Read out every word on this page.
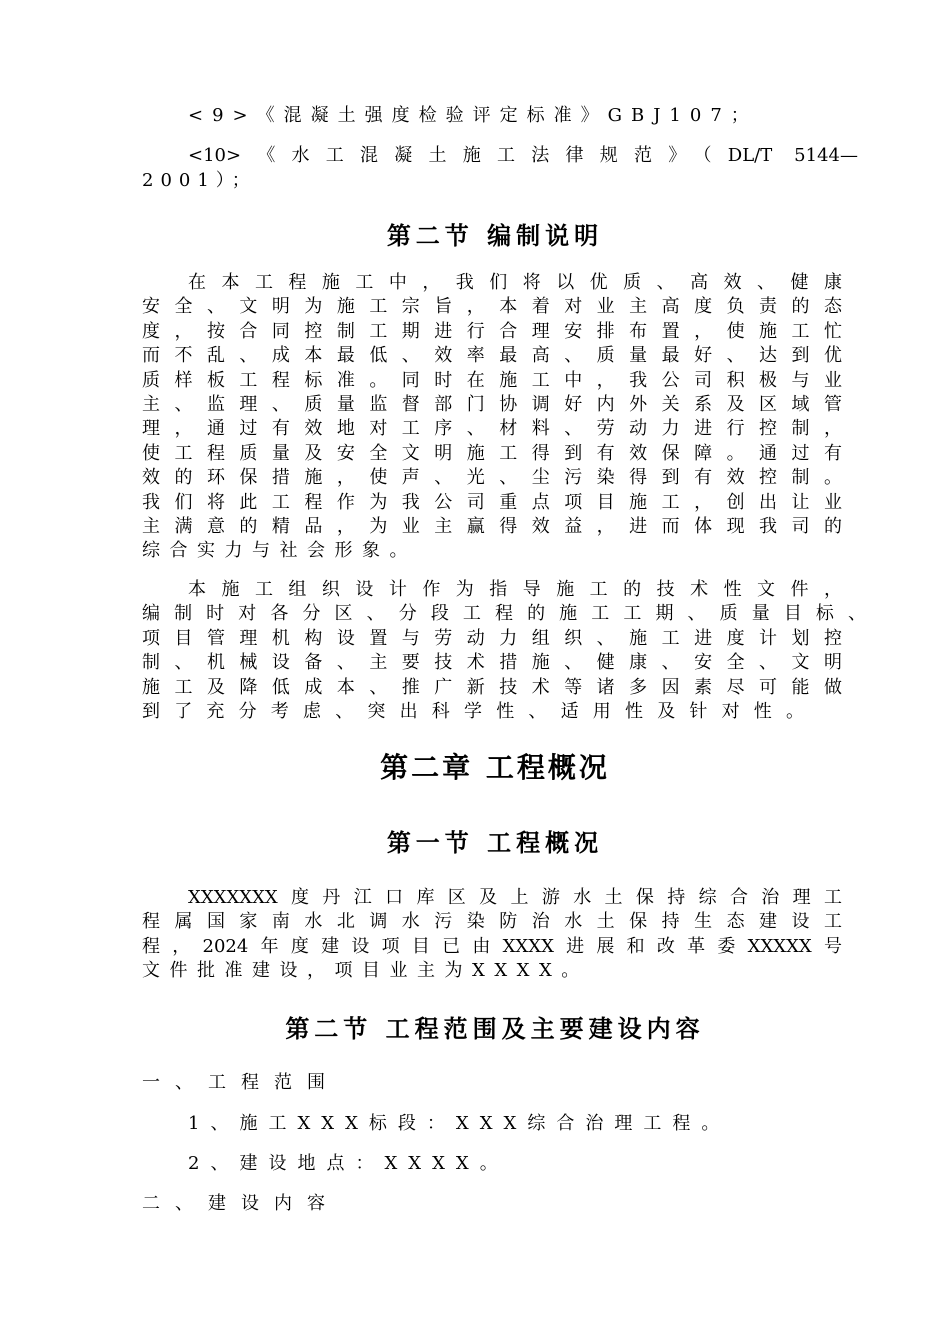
<9>《混凝土强度检验评定标准》GBJ107；
<10>《水工混凝土施工法律规范》（DL/T 5144—
2001）；
第二节 编制说明
在本工程施工中，我们将以优质、高效、健康
安全、文明为施工宗旨，本着对业主高度负责的态
度，按合同控制工期进行合理安排布置，使施工忙
而不乱、成本最低、效率最高、质量最好、达到优
质样板工程标准。同时在施工中，我公司积极与业
主、监理、质量监督部门协调好内外关系及区域管
理，通过有效地对工序、材料、劳动力进行控制，
使工程质量及安全文明施工得到有效保障。通过有
效的环保措施，使声、光、尘污染得到有效控制。
我们将此工程作为我公司重点项目施工，创出让业
主满意的精品，为业主赢得效益，进而体现我司的
综合实力与社会形象。
本施工组织设计作为指导施工的技术性文件，
编制时对各分区、分段工程的施工工期、质量目标、
项目管理机构设置与劳动力组织、施工进度计划控
制、机械设备、主要技术措施、健康、安全、文明
施工及降低成本、推广新技术等诸多因素尽可能做
到了充分考虑、突出科学性、适用性及针对性。
第二章 工程概况
第一节 工程概况
XXXXXXX度丹江口库区及上游水土保持综合治理工
程属国家南水北调水污染防治水土保持生态建设工
程，2024年度建设项目已由XXXX进展和改革委XXXXX号
文件批准建设，项目业主为XXXX。
第二节 工程范围及主要建设内容
一、工程范围
1、施工XXX标段：XXX综合治理工程。
2、建设地点：XXXX。
二、建设内容
